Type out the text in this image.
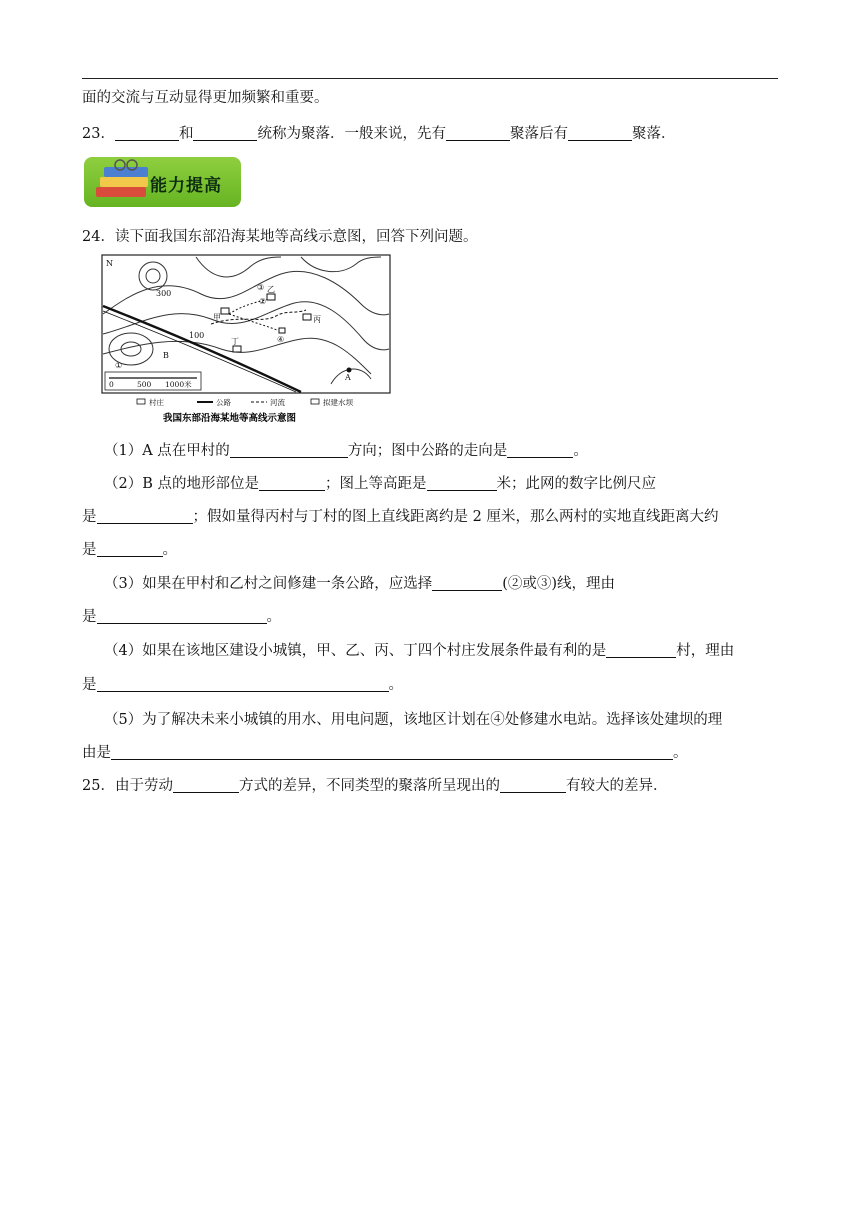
面的交流与互动显得更加频繁和重要。
23．	和	统称为聚落．一般来说，先有	聚落后有	聚落．
能力提高
24．读下面我国东部沿海某地等高线示意图，回答下列问题。
N
300
100
甲
乙
丙
丁
A
B
①
②
③
④
0	500 1000米
村庄	公路	河流	拟建水坝
我国东部沿海某地等高线示意图
（1）A 点在甲村的	方向；图中公路的走向是	。
（2）B 点的地形部位是	；图上等高距是	米；此网的数字比例尺应
是	；假如量得丙村与丁村的图上直线距离约是 2 厘米，那么两村的实地直线距离大约
是	。
（3）如果在甲村和乙村之间修建一条公路，应选择	(②或③)线，理由
是	。
（4）如果在该地区建设小城镇，甲、乙、丙、丁四个村庄发展条件最有利的是	村，理由
是	。
（5）为了解决未来小城镇的用水、用电问题，该地区计划在④处修建水电站。选择该处建坝的理
由是	。
25．由于劳动	方式的差异，不同类型的聚落所呈现出的	有较大的差异．
